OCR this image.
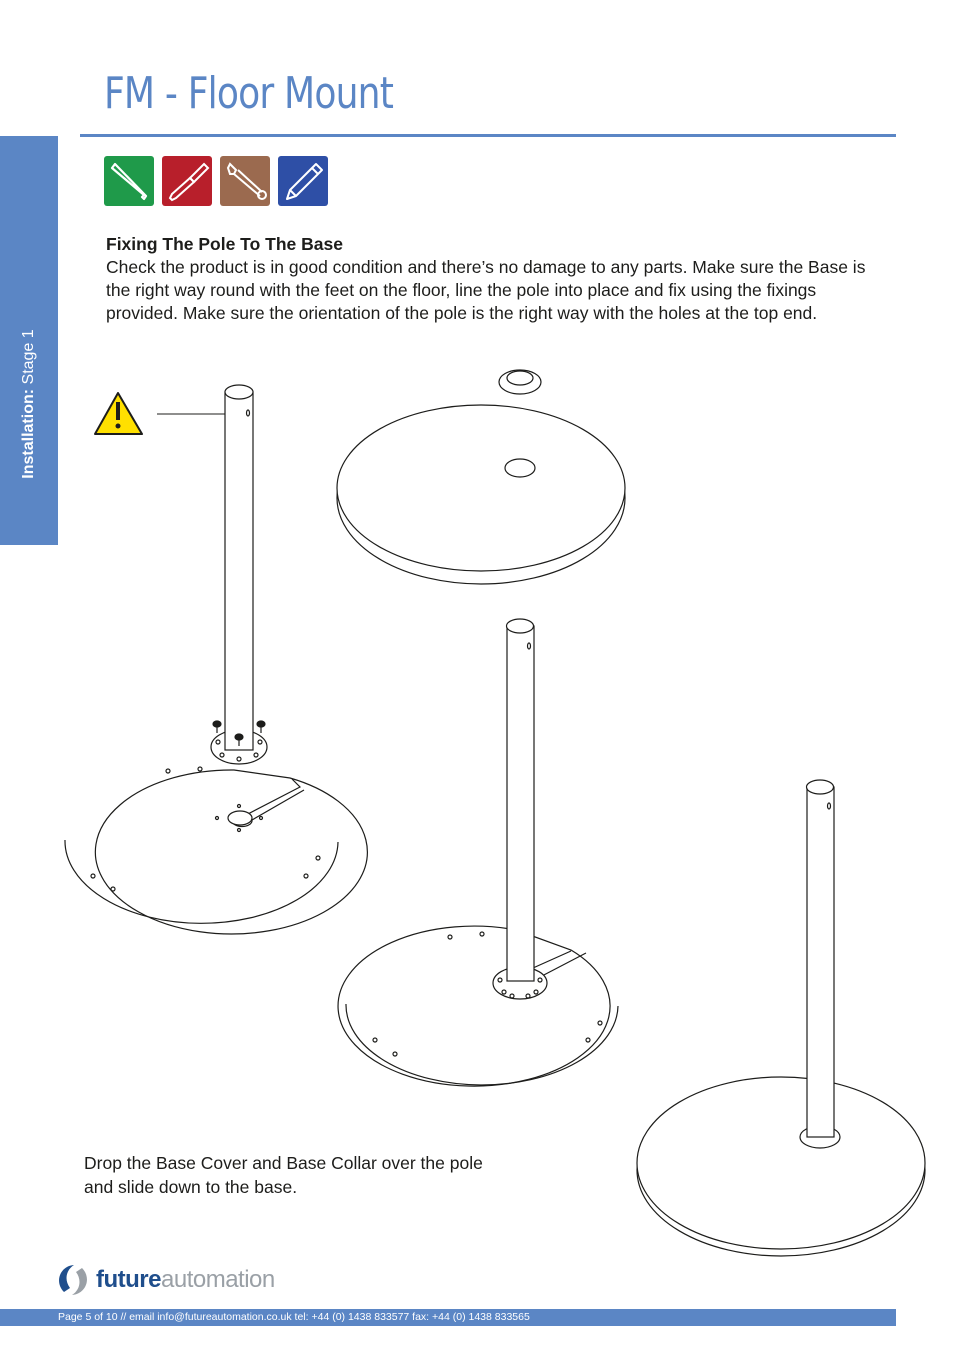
Installation: Stage 1
FM - Floor Mount
Fixing The Pole To The Base

Check the product is in good condition and there’s no damage to any parts. Make sure the Base is the right way round with the feet on the floor, line the pole into place and fix using the fixings provided. Make sure the orientation of the pole is the right way with the holes at the top end.

Drop the Base Cover and Base Collar over the pole and slide down to the base.

futureautomation
Page 5 of 10 // email info@futureautomation.co.uk tel: +44 (0) 1438 833577 fax: +44 (0) 1438 833565
